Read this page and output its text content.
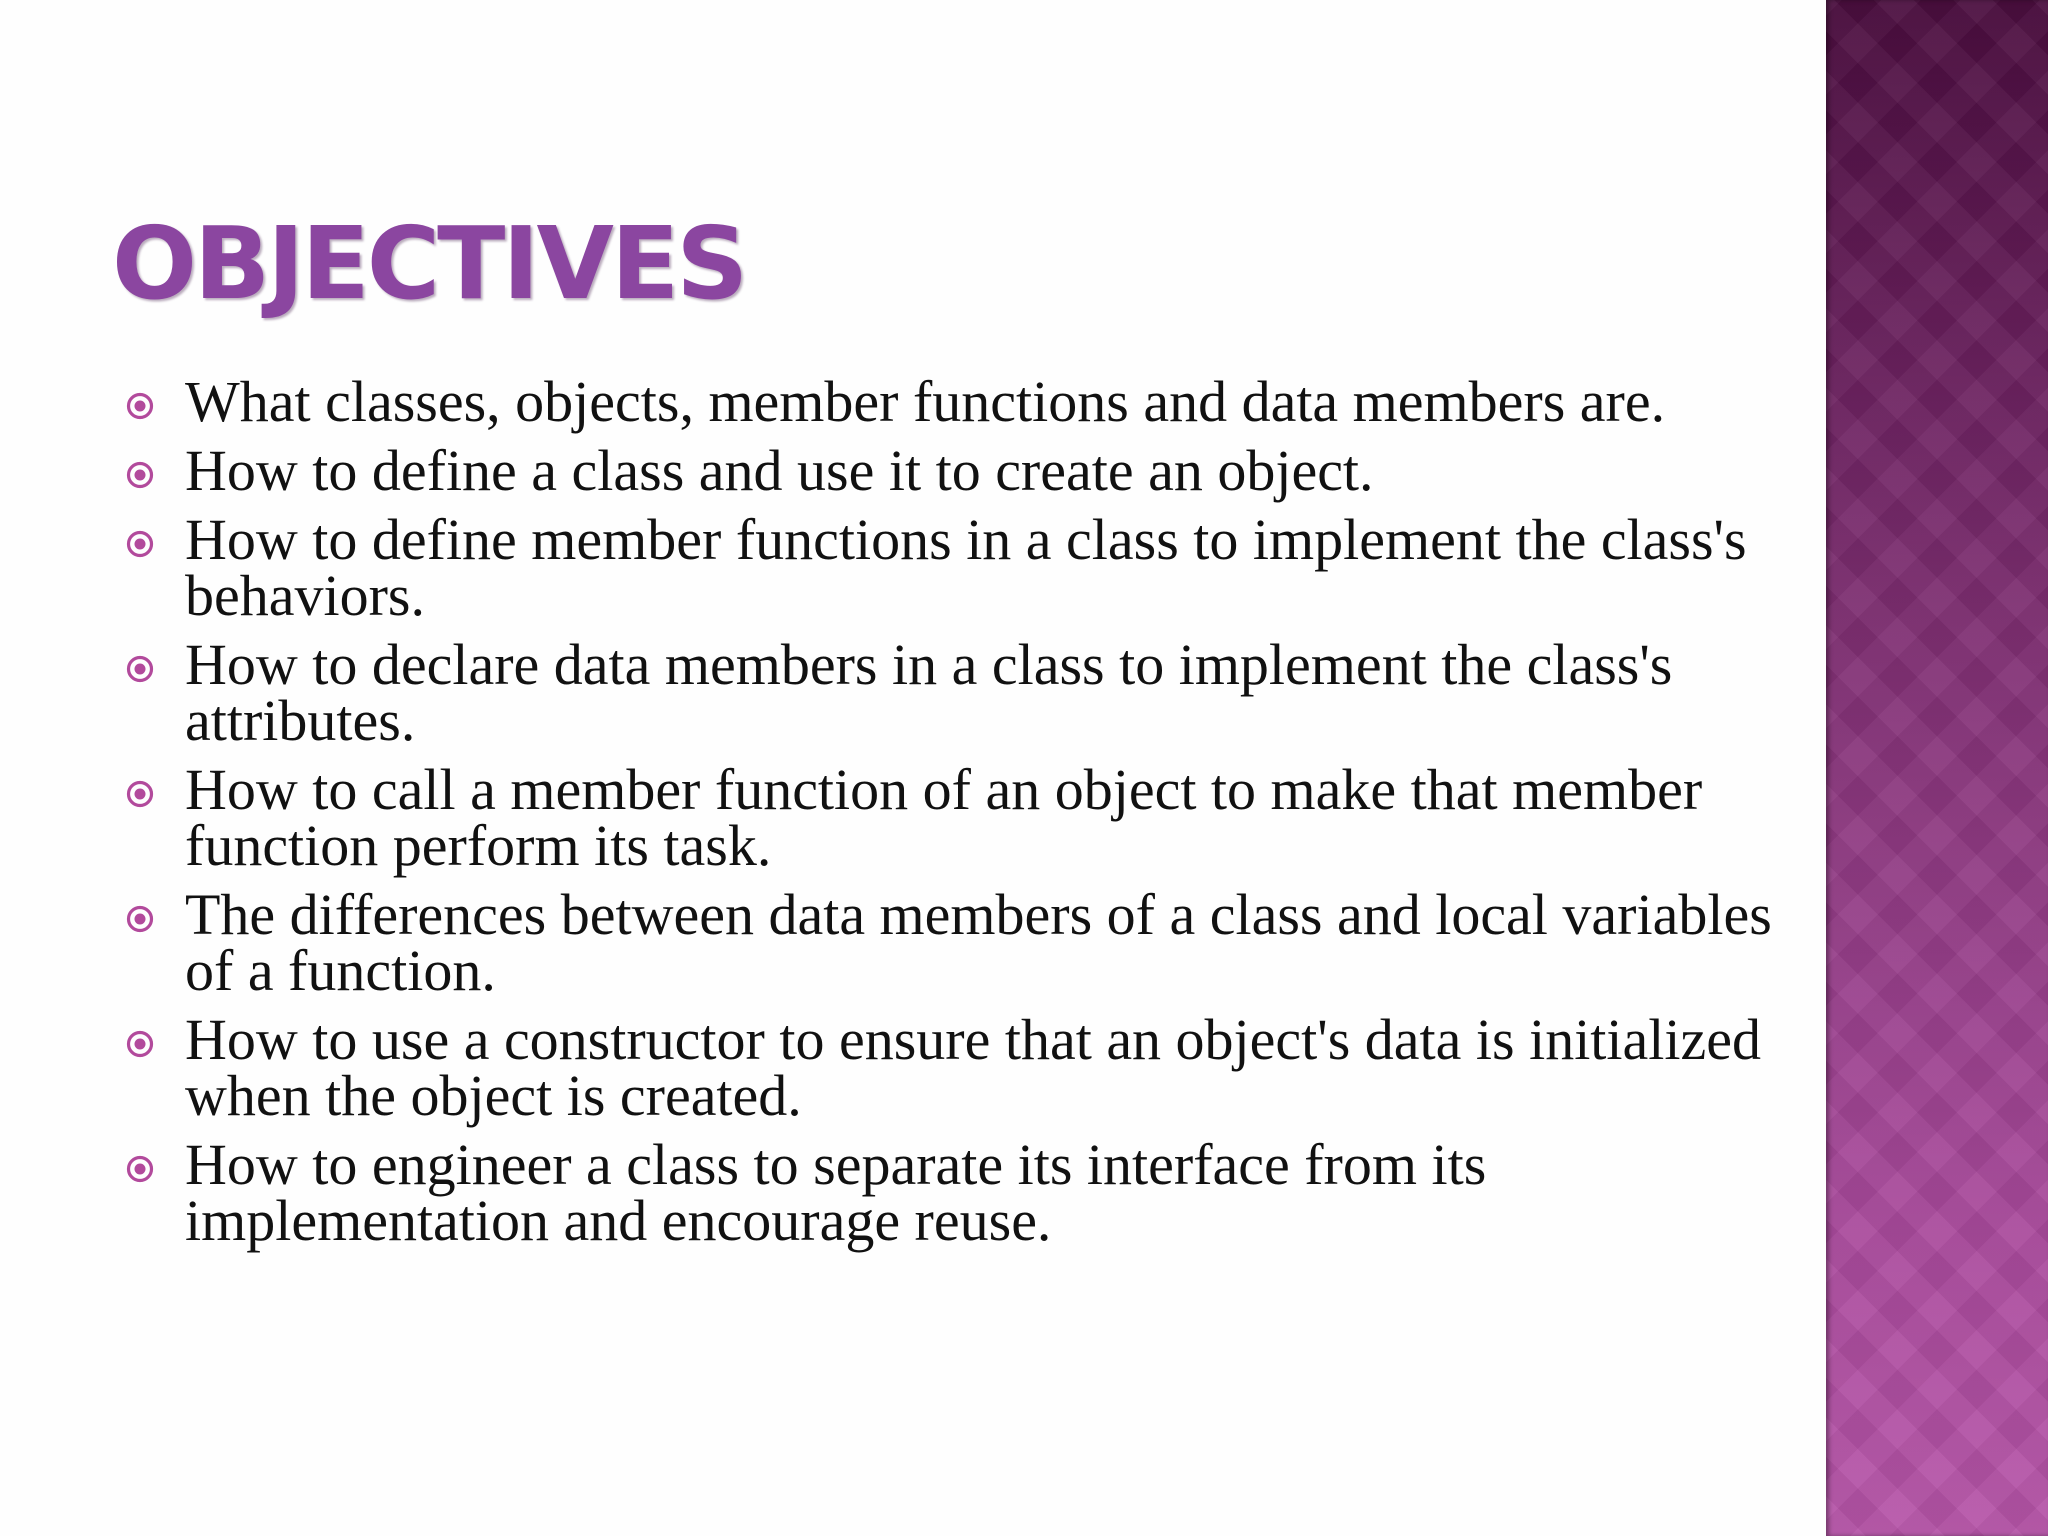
OBJECTIVES
What classes, objects, member functions and data members are.
How to define a class and use it to create an object.
How to define member functions in a class to implement the class's behaviors.
How to declare data members in a class to implement the class's attributes.
How to call a member function of an object to make that member function perform its task.
The differences between data members of a class and local variables of a function.
How to use a constructor to ensure that an object's data is initialized when the object is created.
How to engineer a class to separate its interface from its implementation and encourage reuse.
